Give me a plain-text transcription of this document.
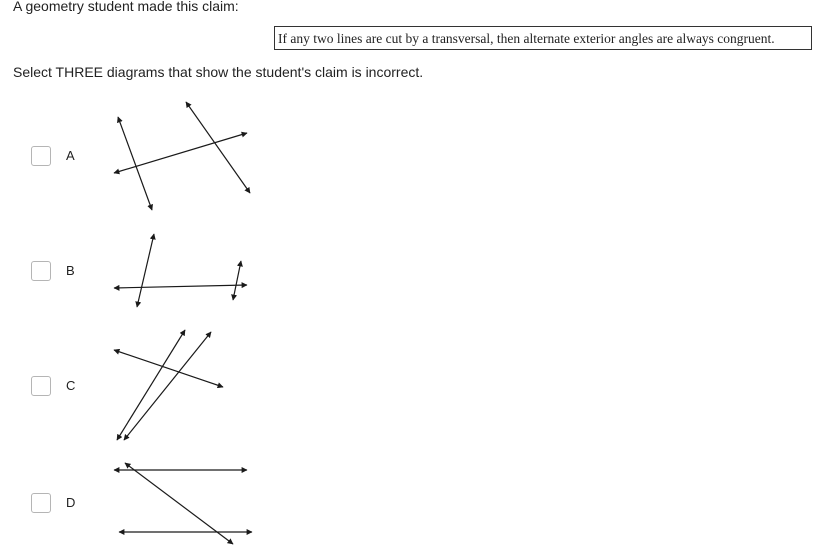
A geometry student made this claim:
If any two lines are cut by a transversal, then alternate exterior angles are always congruent.
Select THREE diagrams that show the student's claim is incorrect.
A
B
C
D
